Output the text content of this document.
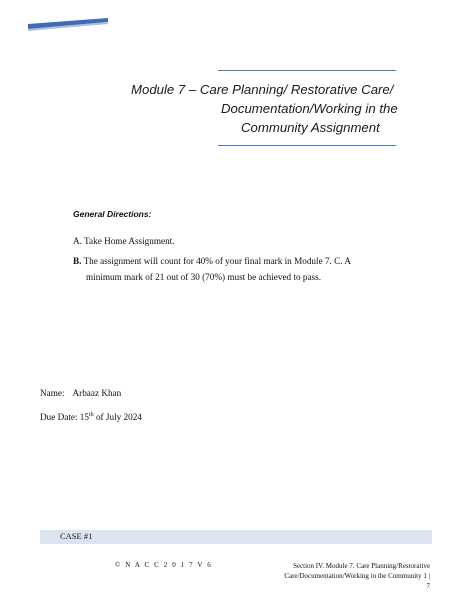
Module 7 – Care Planning/ Restorative Care/
Documentation/Working in the
Community Assignment
General Directions:
A. Take Home Assignment.
B. The assignment will count for 40% of your final mark in Module 7. C. A
minimum mark of 21 out of 30 (70%) must be achieved to pass.
Name: Arbaaz Khan
Due Date: 15th of July 2024
CASE #1
© N A C C 2 0 1 7 V 6	Section IV. Module 7. Care Planning/Restorative
Care/Documentation/Working in the Community 1 |
7
